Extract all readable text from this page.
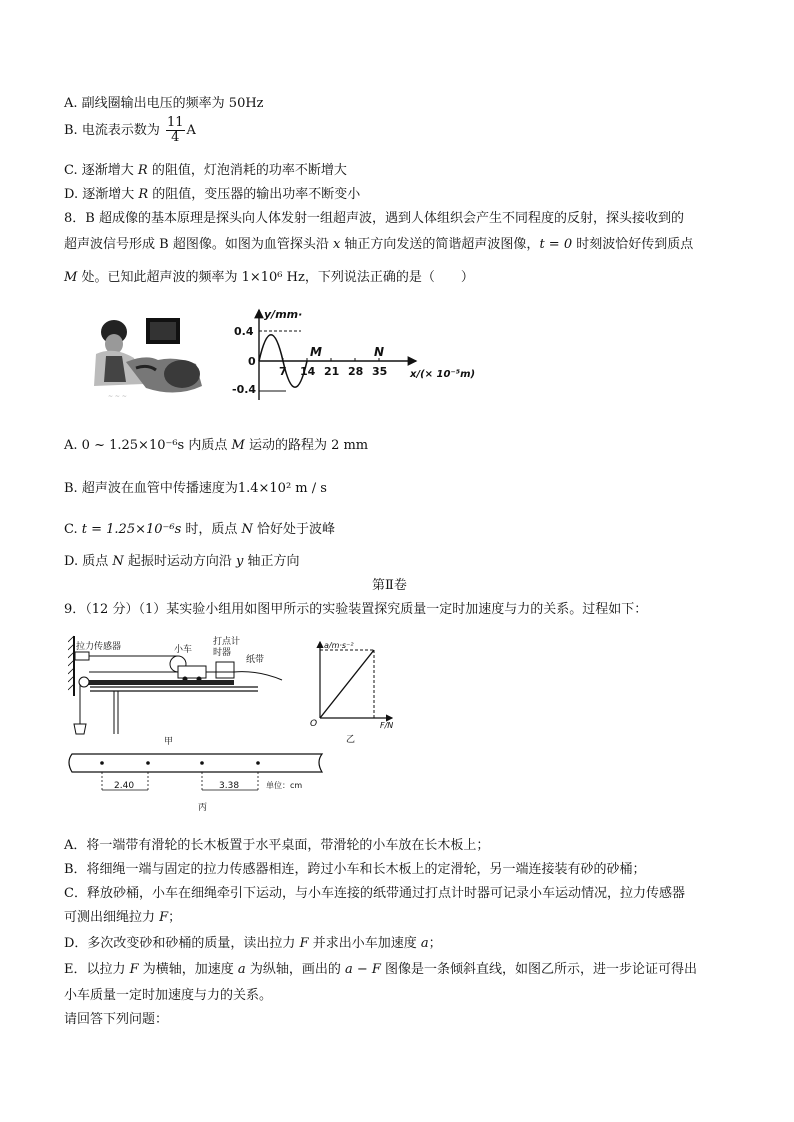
A. 副线圈输出电压的频率为 50Hz
B. 电流表示数为 $\frac{11}{4}$ A
C. 逐渐增大 R 的阻值，灯泡消耗的功率不断增大
D. 逐渐增大 R 的阻值，变压器的输出功率不断变小
8．B 超成像的基本原理是探头向人体发射一组超声波，遇到人体组织会产生不同程度的反射，探头接收到的
超声波信号形成 B 超图像。如图为血管探头沿 x 轴正方向发送的简谐超声波图像，t = 0 时刻波恰好传到质点
M 处。已知此超声波的频率为 1×10⁶ Hz，下列说法正确的是（　　）
~ ~ ~
y/mm·
0.4
0
-0.4
7 14 21 28 35
M	N
x/(× 10⁻⁵m)
A. 0 ~ 1.25×10⁻⁶s 内质点 M 运动的路程为 2 mm
B. 超声波在血管中传播速度为1.4×10² m / s
C. t = 1.25×10⁻⁶s 时，质点 N 恰好处于波峰
D. 质点 N 起振时运动方向沿 y 轴正方向
第Ⅱ卷
9．（12 分）（1）某实验小组用如图甲所示的实验装置探究质量一定时加速度与力的关系。过程如下：
拉力传感器	小车
打点计
时器
纸带
甲
a/m·s⁻²
O	F/N
乙
2.40	3.38	单位：cm
丙
A．将一端带有滑轮的长木板置于水平桌面，带滑轮的小车放在长木板上；
B．将细绳一端与固定的拉力传感器相连，跨过小车和长木板上的定滑轮，另一端连接装有砂的砂桶；
C．释放砂桶，小车在细绳牵引下运动，与小车连接的纸带通过打点计时器可记录小车运动情况，拉力传感器
可测出细绳拉力 F；
D．多次改变砂和砂桶的质量，读出拉力 F 并求出小车加速度 a；
E．以拉力 F 为横轴，加速度 a 为纵轴，画出的 a − F 图像是一条倾斜直线，如图乙所示，进一步论证可得出
小车质量一定时加速度与力的关系。
请回答下列问题：
